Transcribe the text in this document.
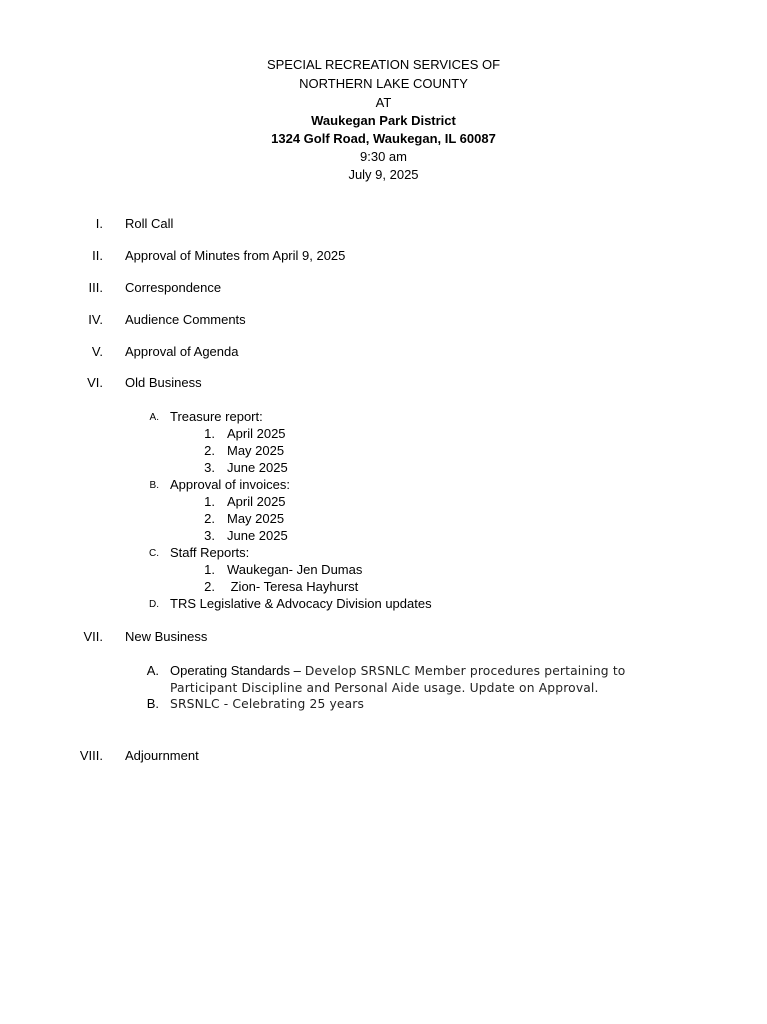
SPECIAL RECREATION SERVICES OF
NORTHERN LAKE COUNTY
AT
Waukegan Park District
1324 Golf Road, Waukegan, IL 60087
9:30 am
July 9, 2025
I. Roll Call
II. Approval of Minutes from April 9, 2025
III. Correspondence
IV. Audience Comments
V. Approval of Agenda
VI. Old Business
A. Treasure report:
1. April 2025
2. May 2025
3. June 2025
B. Approval of invoices:
1. April 2025
2. May 2025
3. June 2025
C. Staff Reports:
1. Waukegan- Jen Dumas
2. Zion- Teresa Hayhurst
D. TRS Legislative & Advocacy Division updates
VII. New Business
A. Operating Standards – Develop SRSNLC Member procedures pertaining to
Participant Discipline and Personal Aide usage. Update on Approval.
B. SRSNLC - Celebrating 25 years
VIII. Adjournment
